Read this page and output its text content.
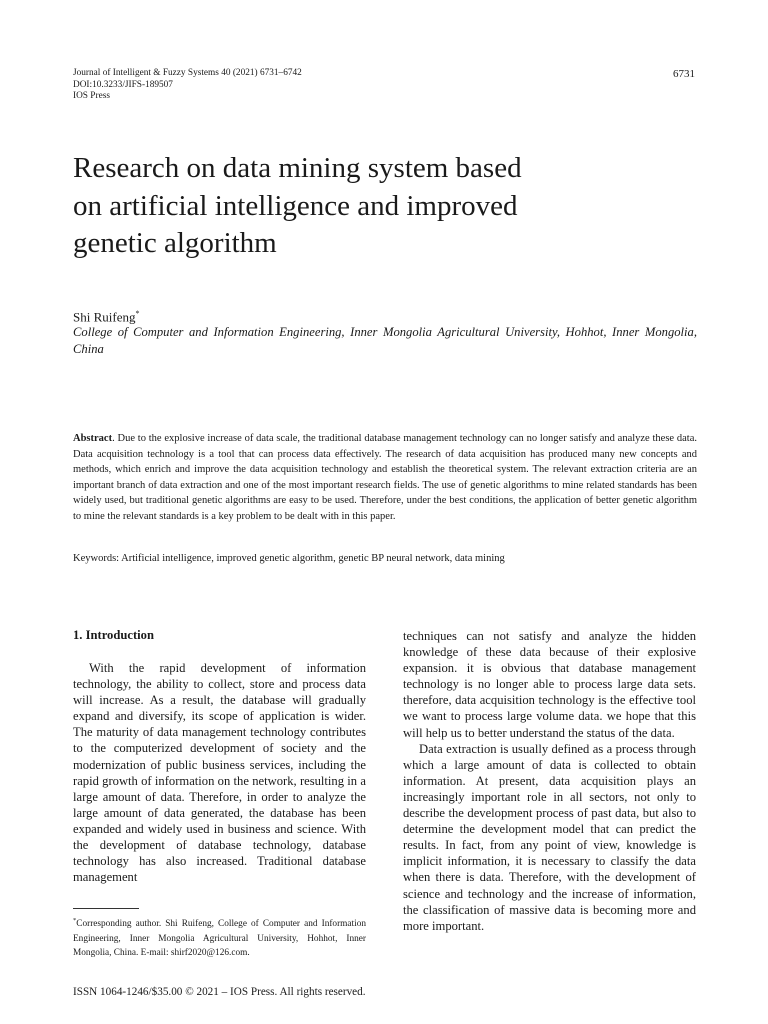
Journal of Intelligent & Fuzzy Systems 40 (2021) 6731–6742
DOI:10.3233/JIFS-189507
IOS Press
6731
Research on data mining system based
on artificial intelligence and improved
genetic algorithm
Shi Ruifeng*
College of Computer and Information Engineering, Inner Mongolia Agricultural University, Hohhot, Inner Mongolia, China
Abstract. Due to the explosive increase of data scale, the traditional database management technology can no longer satisfy and analyze these data. Data acquisition technology is a tool that can process data effectively. The research of data acquisition has produced many new concepts and methods, which enrich and improve the data acquisition technology and establish the theoretical system. The relevant extraction criteria are an important branch of data extraction and one of the most important research fields. The use of genetic algorithms to mine related standards has been widely used, but traditional genetic algorithms are easy to be used. Therefore, under the best conditions, the application of better genetic algorithm to mine the relevant standards is a key problem to be dealt with in this paper.
Keywords: Artificial intelligence, improved genetic algorithm, genetic BP neural network, data mining
1. Introduction

With the rapid development of information technology, the ability to collect, store and process data will increase. As a result, the database will gradually expand and diversify, its scope of application is wider. The maturity of data management technology contributes to the computerized development of society and the modernization of public business services, including the rapid growth of information on the network, resulting in a large amount of data. Therefore, in order to analyze the large amount of data generated, the database has been expanded and widely used in business and science. With the development of database technology, database technology has also increased. Traditional database management

techniques can not satisfy and analyze the hidden knowledge of these data because of their explosive expansion. it is obvious that database management technology is no longer able to process large data sets. therefore, data acquisition technology is the effective tool we want to process large volume data. we hope that this will help us to better understand the status of the data.

Data extraction is usually defined as a process through which a large amount of data is collected to obtain information. At present, data acquisition plays an increasingly important role in all sectors, not only to describe the development process of past data, but also to determine the development model that can predict the results. In fact, from any point of view, knowledge is implicit information, it is necessary to classify the data when there is data. Therefore, with the development of science and technology and the increase of information, the classification of massive data is becoming more and more important.

*Corresponding author. Shi Ruifeng, College of Computer and Information Engineering, Inner Mongolia Agricultural University, Hohhot, Inner Mongolia, China. E-mail: shirf2020@126.com.
ISSN 1064-1246/$35.00 © 2021 – IOS Press. All rights reserved.
